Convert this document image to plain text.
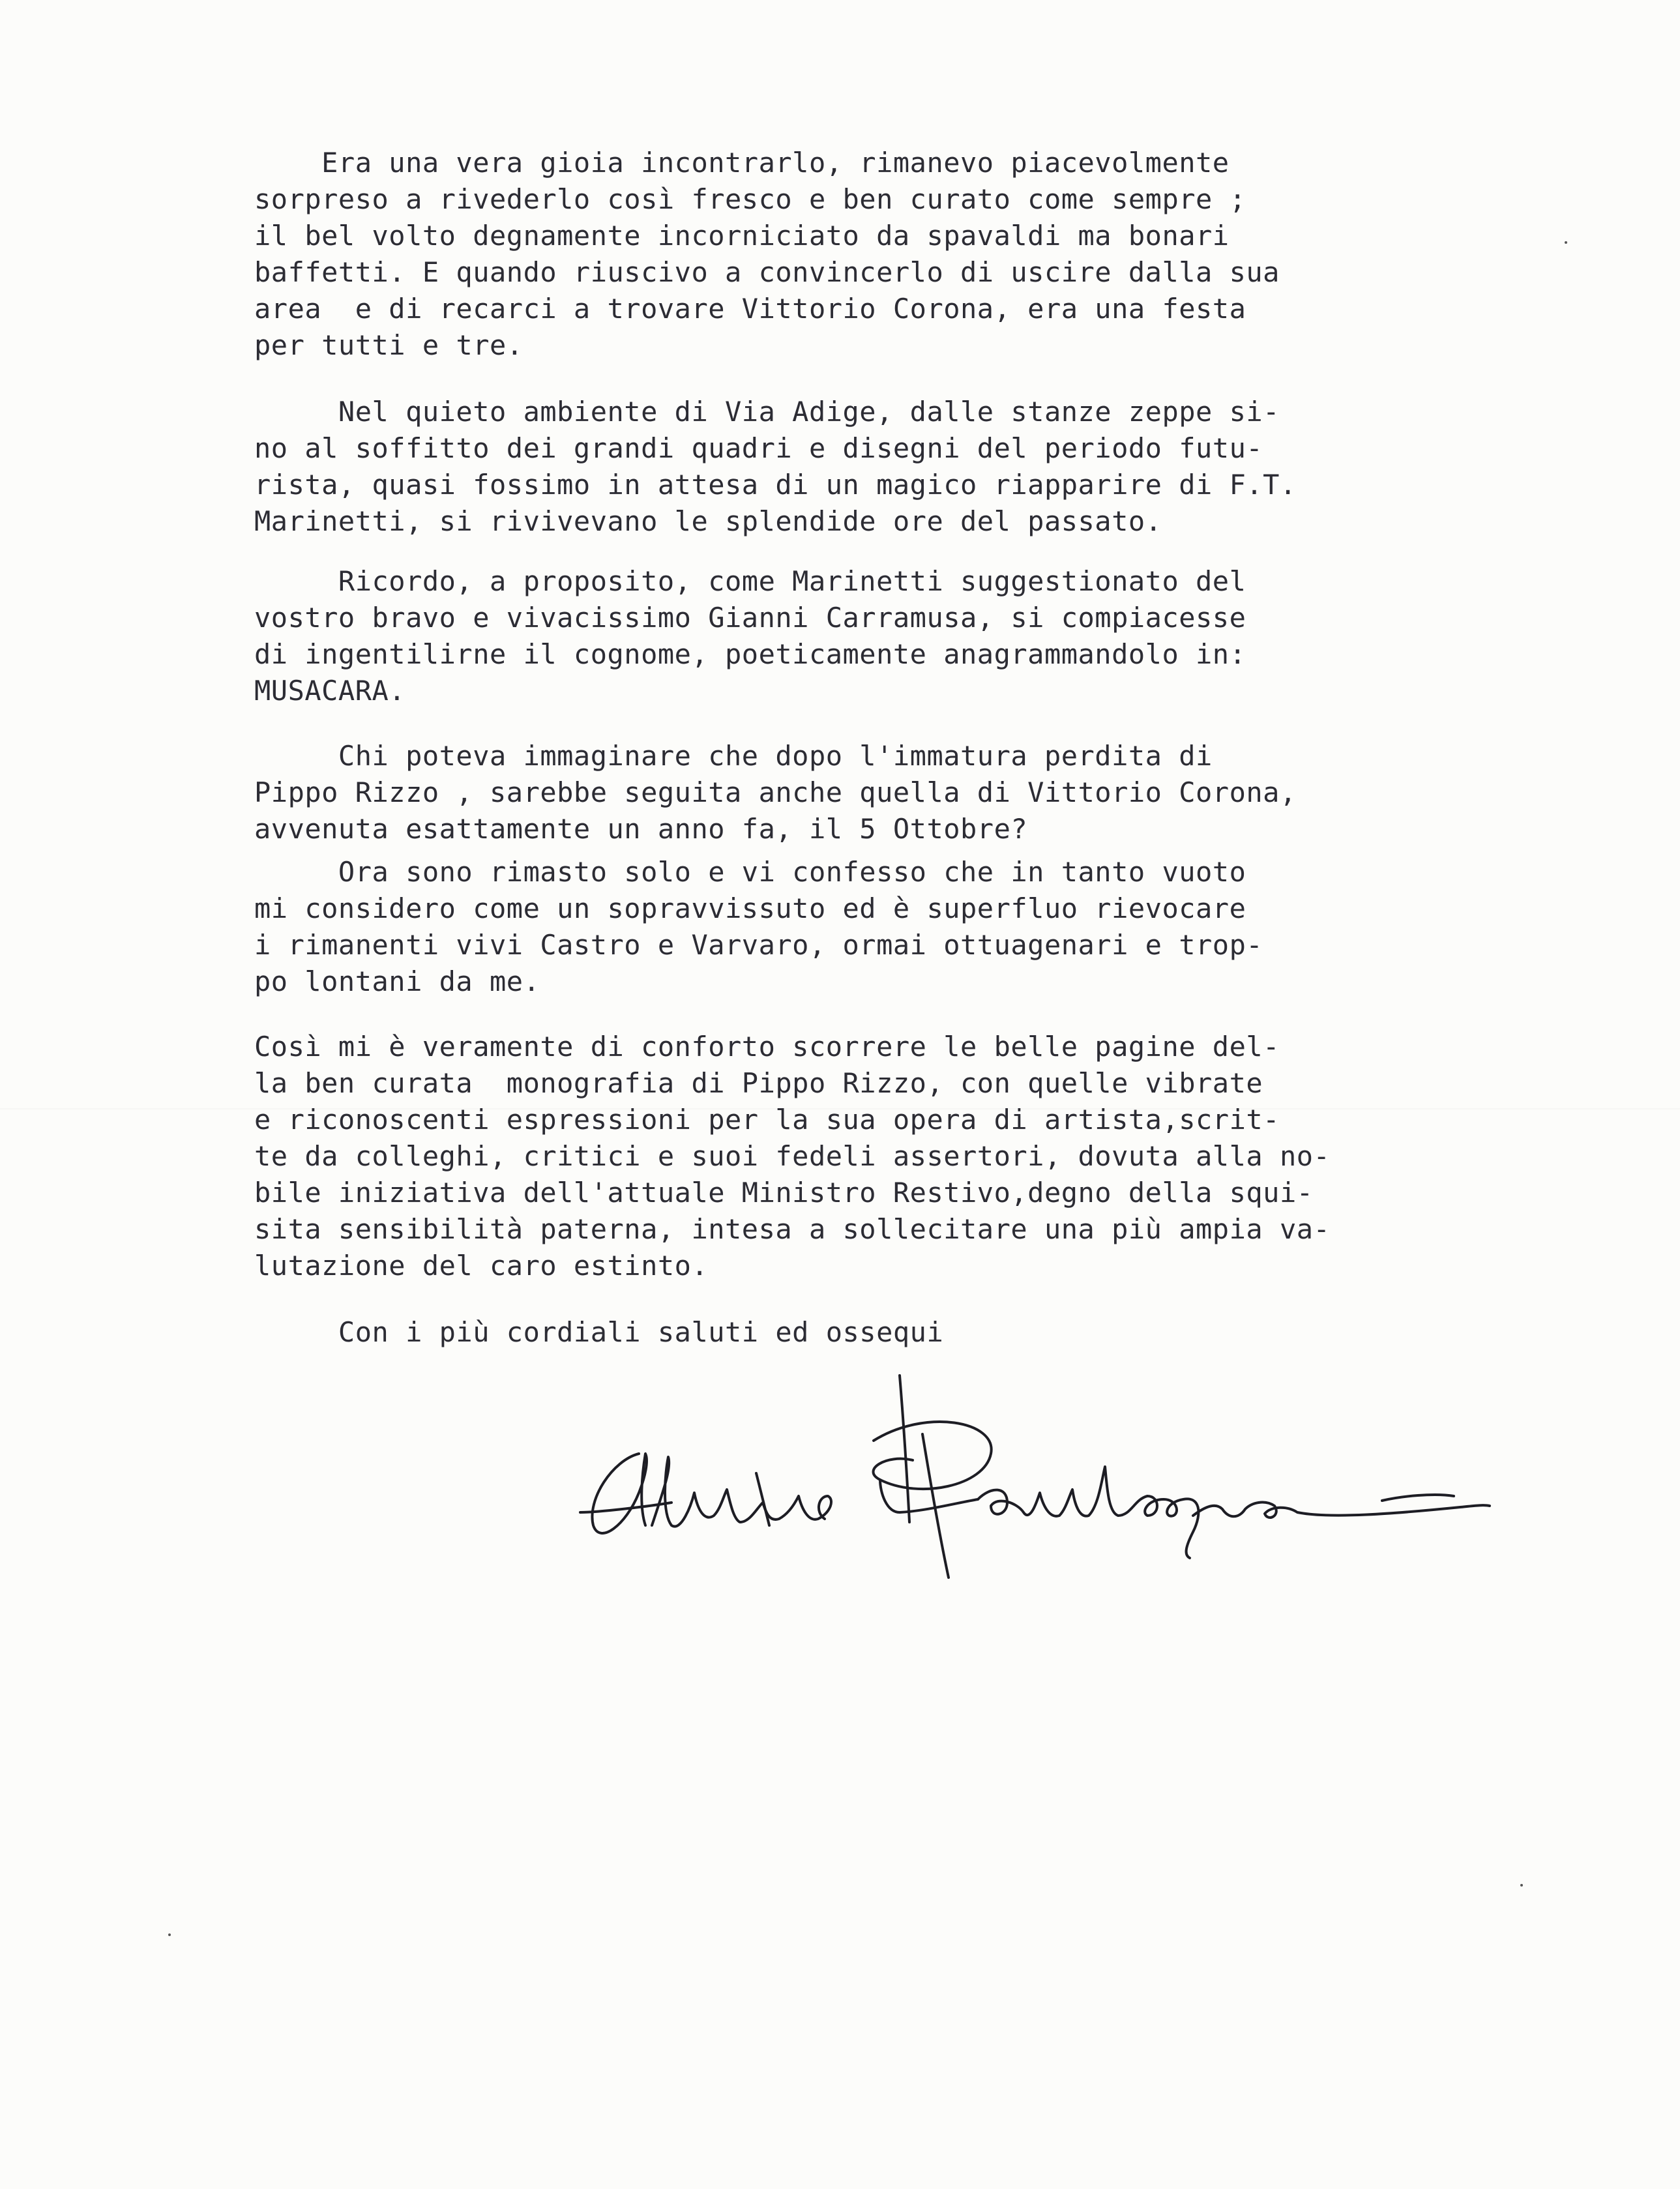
Era una vera gioia incontrarlo, rimanevo piacevolmente
sorpreso a rivederlo così fresco e ben curato come sempre ;
il bel volto degnamente incorniciato da spavaldi ma bonari
baffetti. E quando riuscivo a convincerlo di uscire dalla sua
area  e di recarci a trovare Vittorio Corona, era una festa
per tutti e tre.
Nel quieto ambiente di Via Adige, dalle stanze zeppe si-
no al soffitto dei grandi quadri e disegni del periodo futu-
rista, quasi fossimo in attesa di un magico riapparire di F.T.
Marinetti, si rivivevano le splendide ore del passato.
Ricordo, a proposito, come Marinetti suggestionato del
vostro bravo e vivacissimo Gianni Carramusa, si compiacesse
di ingentilirne il cognome, poeticamente anagrammandolo in:
MUSACARA.
Chi poteva immaginare che dopo l'immatura perdita di
Pippo Rizzo , sarebbe seguita anche quella di Vittorio Corona,
avvenuta esattamente un anno fa, il 5 Ottobre?
Ora sono rimasto solo e vi confesso che in tanto vuoto
mi considero come un sopravvissuto ed è superfluo rievocare
i rimanenti vivi Castro e Varvaro, ormai ottuagenari e trop-
po lontani da me.
Così mi è veramente di conforto scorrere le belle pagine del-
la ben curata  monografia di Pippo Rizzo, con quelle vibrate
e riconoscenti espressioni per la sua opera di artista,scrit-
te da colleghi, critici e suoi fedeli assertori, dovuta alla no-
bile iniziativa dell'attuale Ministro Restivo,degno della squi-
sita sensibilità paterna, intesa a sollecitare una più ampia va-
lutazione del caro estinto.
Con i più cordiali saluti ed ossequi
